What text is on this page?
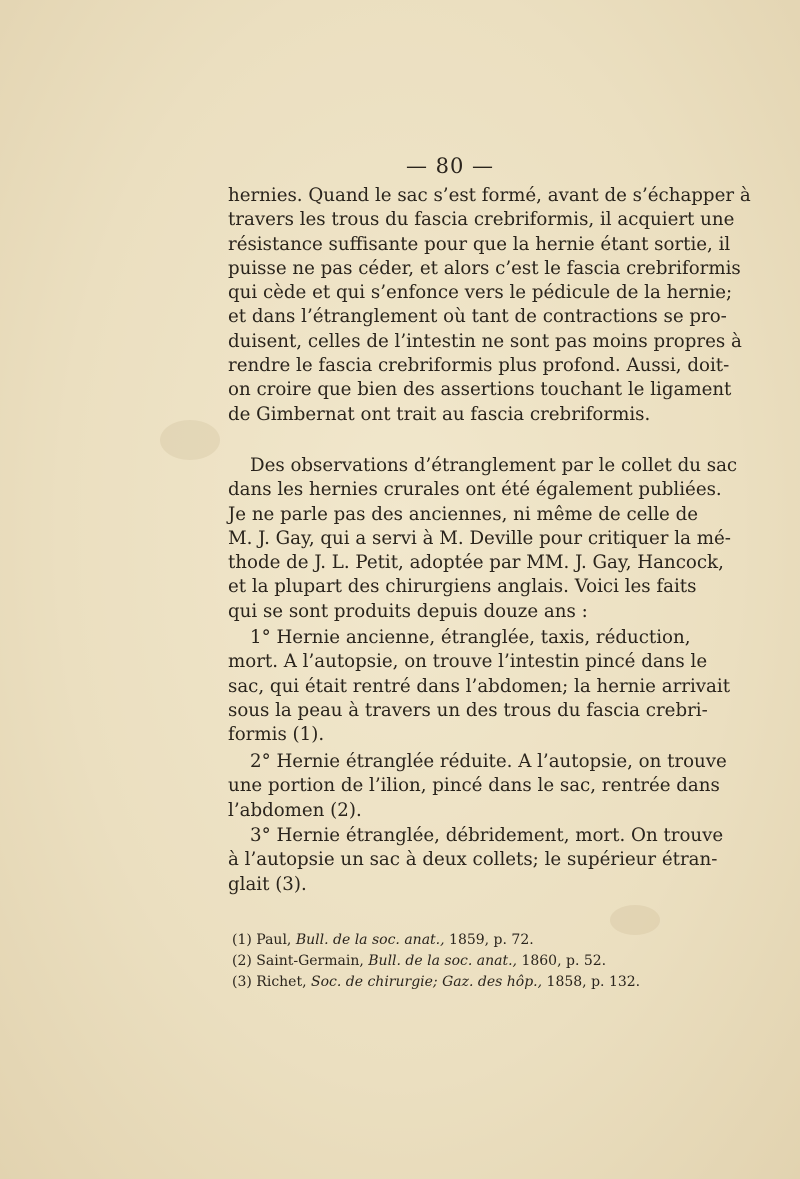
— 80 —
hernies. Quand le sac s’est formé, avant de s’échapper à
travers les trous du fascia crebriformis, il acquiert une
résistance suffisante pour que la hernie étant sortie, il
puisse ne pas céder, et alors c’est le fascia crebriformis
qui cède et qui s’enfonce vers le pédicule de la hernie;
et dans l’étranglement où tant de contractions se pro-
duisent, celles de l’intestin ne sont pas moins propres à
rendre le fascia crebriformis plus profond. Aussi, doit-
on croire que bien des assertions touchant le ligament
de Gimbernat ont trait au fascia crebriformis.
Des observations d’étranglement par le collet du sac
dans les hernies crurales ont été également publiées.
Je ne parle pas des anciennes, ni même de celle de
M. J. Gay, qui a servi à M. Deville pour critiquer la mé-
thode de J. L. Petit, adoptée par MM. J. Gay, Hancock,
et la plupart des chirurgiens anglais. Voici les faits
qui se sont produits depuis douze ans :
1° Hernie ancienne, étranglée, taxis, réduction,
mort. A l’autopsie, on trouve l’intestin pincé dans le
sac, qui était rentré dans l’abdomen; la hernie arrivait
sous la peau à travers un des trous du fascia crebri-
formis (1).
2° Hernie étranglée réduite. A l’autopsie, on trouve
une portion de l’ilion, pincé dans le sac, rentrée dans
l’abdomen (2).
3° Hernie étranglée, débridement, mort. On trouve
à l’autopsie un sac à deux collets; le supérieur étran-
glait (3).
(1) Paul, Bull. de la soc. anat., 1859, p. 72.
(2) Saint-Germain, Bull. de la soc. anat., 1860, p. 52.
(3) Richet, Soc. de chirurgie; Gaz. des hôp., 1858, p. 132.
